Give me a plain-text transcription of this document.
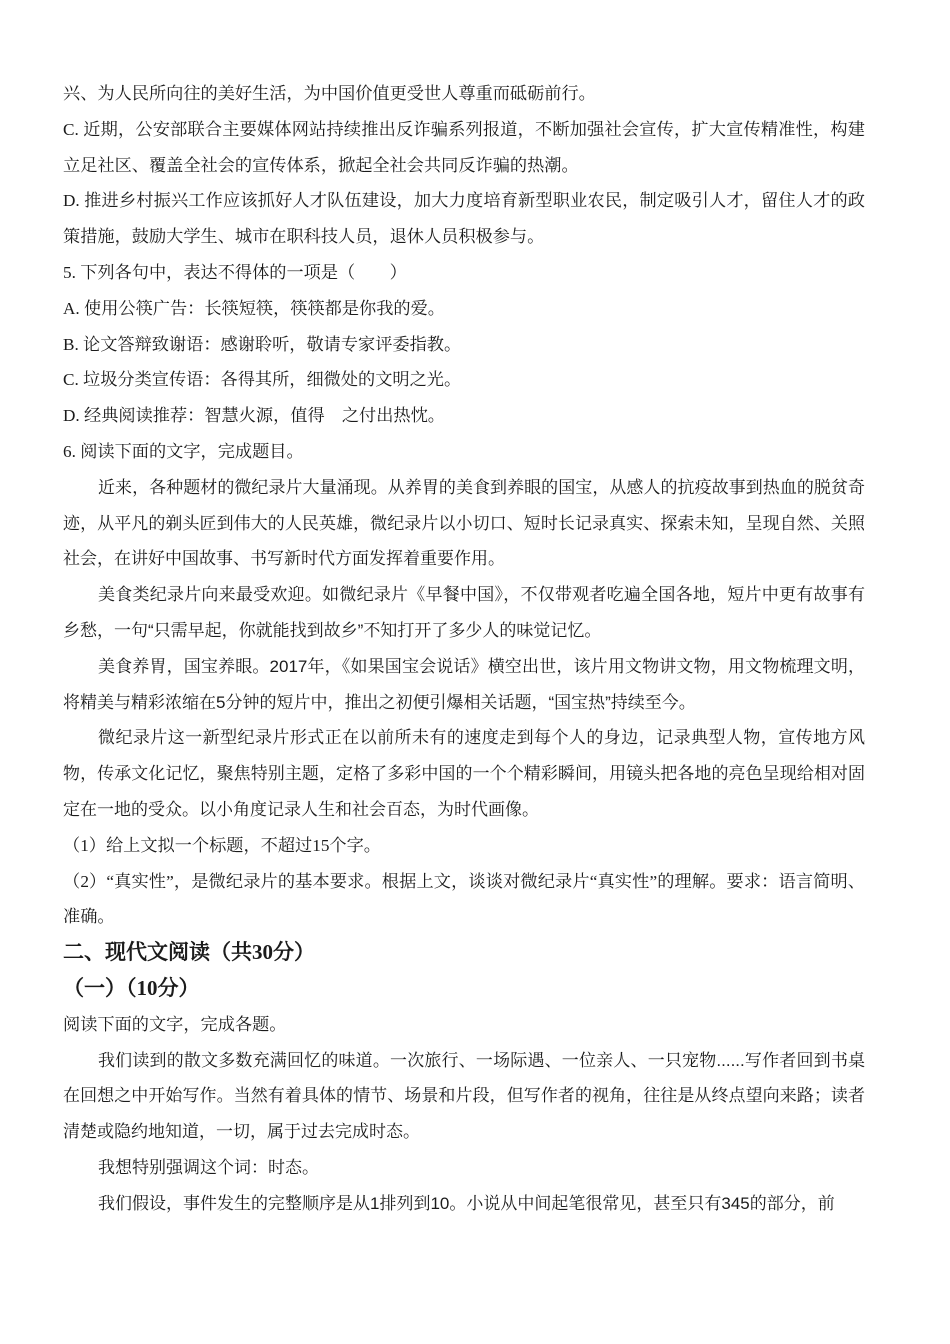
兴、为人民所向往的美好生活，为中国价值更受世人尊重而砥砺前行。

C. 近期，公安部联合主要媒体网站持续推出反诈骗系列报道，不断加强社会宣传，扩大宣传精准性，构建立足社区、覆盖全社会的宣传体系，掀起全社会共同反诈骗的热潮。

D. 推进乡村振兴工作应该抓好人才队伍建设，加大力度培育新型职业农民，制定吸引人才，留住人才的政策措施，鼓励大学生、城市在职科技人员，退休人员积极参与。

5. 下列各句中，表达不得体的一项是（　　）

A. 使用公筷广告：长筷短筷，筷筷都是你我的爱。

B. 论文答辩致谢语：感谢聆听，敬请专家评委指教。

C. 垃圾分类宣传语：各得其所，细微处的文明之光。

D. 经典阅读推荐：智慧火源，值得　之付出热忱。

6. 阅读下面的文字，完成题目。

近来，各种题材的微纪录片大量涌现。从养胃的美食到养眼的国宝，从感人的抗疫故事到热血的脱贫奇迹，从平凡的剃头匠到伟大的人民英雄，微纪录片以小切口、短时长记录真实、探索未知，呈现自然、关照社会，在讲好中国故事、书写新时代方面发挥着重要作用。

美食类纪录片向来最受欢迎。如微纪录片《早餐中国》，不仅带观者吃遍全国各地，短片中更有故事有乡愁，一句“只需早起，你就能找到故乡”不知打开了多少人的味觉记忆。

美食养胃，国宝养眼。2017年，《如果国宝会说话》横空出世，该片用文物讲文物，用文物梳理文明，将精美与精彩浓缩在5分钟的短片中，推出之初便引爆相关话题，“国宝热”持续至今。

微纪录片这一新型纪录片形式正在以前所未有的速度走到每个人的身边，记录典型人物，宣传地方风物，传承文化记忆，聚焦特别主题，定格了多彩中国的一个个精彩瞬间，用镜头把各地的亮色呈现给相对固定在一地的受众。以小角度记录人生和社会百态，为时代画像。

（1）给上文拟一个标题，不超过15个字。

（2）“真实性”，是微纪录片的基本要求。根据上文，谈谈对微纪录片“真实性”的理解。要求：语言简明、准确。

二、现代文阅读（共30分）

（一）（10分）

阅读下面的文字，完成各题。

我们读到的散文多数充满回忆的味道。一次旅行、一场际遇、一位亲人、一只宠物......写作者回到书桌在回想之中开始写作。当然有着具体的情节、场景和片段，但写作者的视角，往往是从终点望向来路；读者清楚或隐约地知道，一切，属于过去完成时态。

我想特别强调这个词：时态。

我们假设，事件发生的完整顺序是从1排列到10。小说从中间起笔很常见，甚至只有345的部分，前
